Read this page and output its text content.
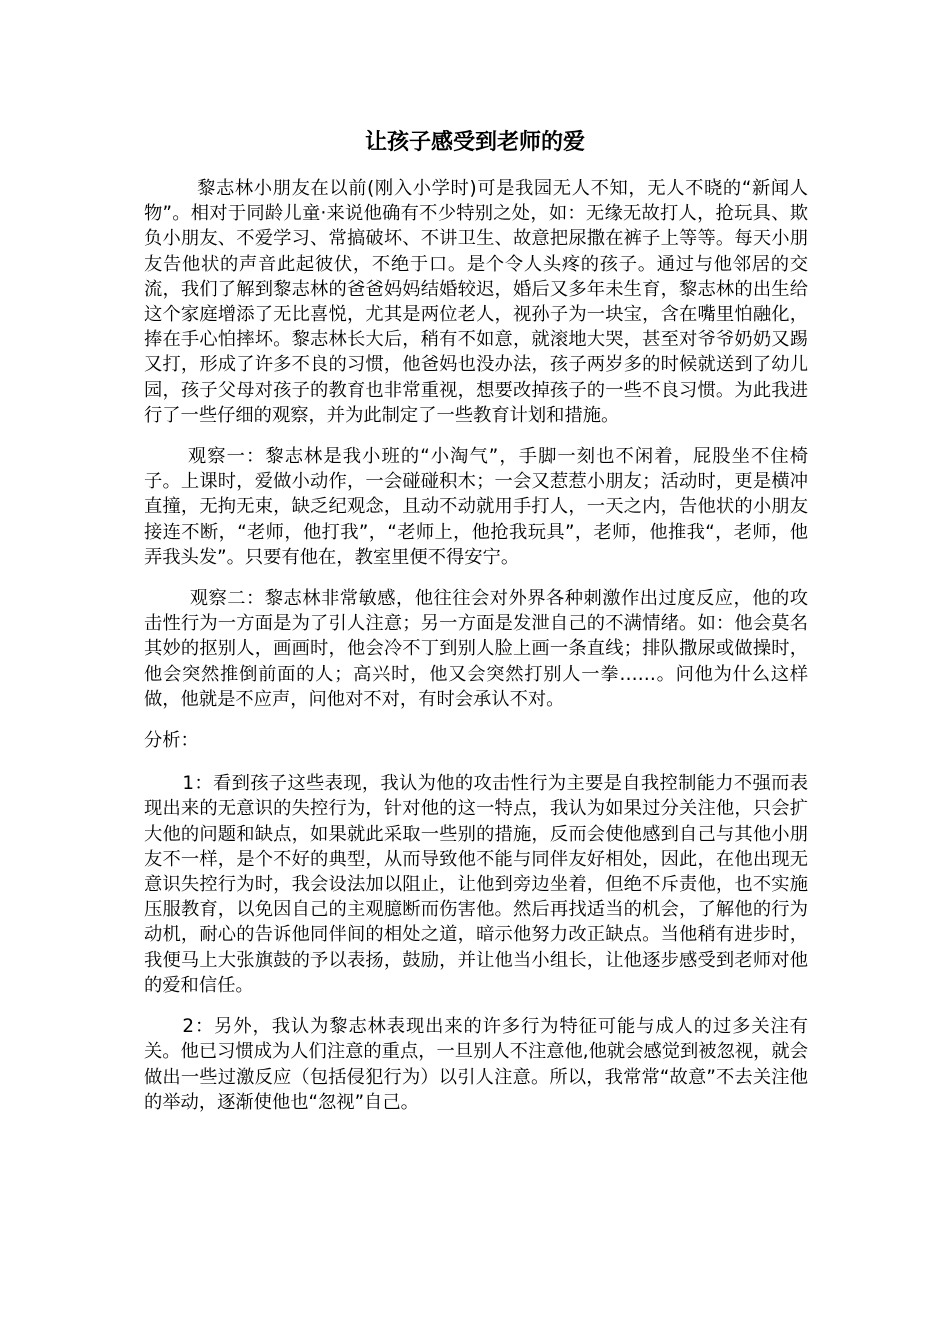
让孩子感受到老师的爱

黎志林小朋友在以前(刚入小学时)可是我园无人不知，无人不晓的“新闻人物”。相对于同龄儿童·来说他确有不少特别之处，如：无缘无故打人，抢玩具、欺负小朋友、不爱学习、常搞破坏、不讲卫生、故意把尿撒在裤子上等等。每天小朋友告他状的声音此起彼伏，不绝于口。是个令人头疼的孩子。通过与他邻居的交流，我们了解到黎志林的爸爸妈妈结婚较迟，婚后又多年未生育，黎志林的出生给这个家庭增添了无比喜悦，尤其是两位老人，视孙子为一块宝，含在嘴里怕融化，捧在手心怕摔坏。黎志林长大后，稍有不如意，就滚地大哭，甚至对爷爷奶奶又踢又打，形成了许多不良的习惯，他爸妈也没办法，孩子两岁多的时候就送到了幼儿园，孩子父母对孩子的教育也非常重视，想要改掉孩子的一些不良习惯。为此我进行了一些仔细的观察，并为此制定了一些教育计划和措施。

观察一：黎志林是我小班的“小淘气”，手脚一刻也不闲着，屁股坐不住椅子。上课时，爱做小动作，一会碰碰积木；一会又惹惹小朋友；活动时，更是横冲直撞，无拘无束，缺乏纪观念，且动不动就用手打人，一天之内，告他状的小朋友接连不断，“老师，他打我”，“老师上，他抢我玩具”，老师，他推我“，老师，他弄我头发”。只要有他在，教室里便不得安宁。

观察二：黎志林非常敏感，他往往会对外界各种刺激作出过度反应，他的攻击性行为一方面是为了引人注意；另一方面是发泄自己的不满情绪。如：他会莫名其妙的抠别人，画画时，他会冷不丁到别人脸上画一条直线；排队撒尿或做操时，他会突然推倒前面的人；高兴时，他又会突然打别人一拳……。问他为什么这样做，他就是不应声，问他对不对，有时会承认不对。

分析：

1：看到孩子这些表现，我认为他的攻击性行为主要是自我控制能力不强而表现出来的无意识的失控行为，针对他的这一特点，我认为如果过分关注他，只会扩大他的问题和缺点，如果就此采取一些别的措施，反而会使他感到自己与其他小朋友不一样，是个不好的典型，从而导致他不能与同伴友好相处，因此，在他出现无意识失控行为时，我会设法加以阻止，让他到旁边坐着，但绝不斥责他，也不实施压服教育，以免因自己的主观臆断而伤害他。然后再找适当的机会，了解他的行为动机，耐心的告诉他同伴间的相处之道，暗示他努力改正缺点。当他稍有进步时，我便马上大张旗鼓的予以表扬，鼓励，并让他当小组长，让他逐步感受到老师对他的爱和信任。

2：另外，我认为黎志林表现出来的许多行为特征可能与成人的过多关注有关。他已习惯成为人们注意的重点，一旦别人不注意他,他就会感觉到被忽视，就会做出一些过激反应（包括侵犯行为）以引人注意。所以，我常常“故意”不去关注他的举动，逐渐使他也“忽视”自己。
